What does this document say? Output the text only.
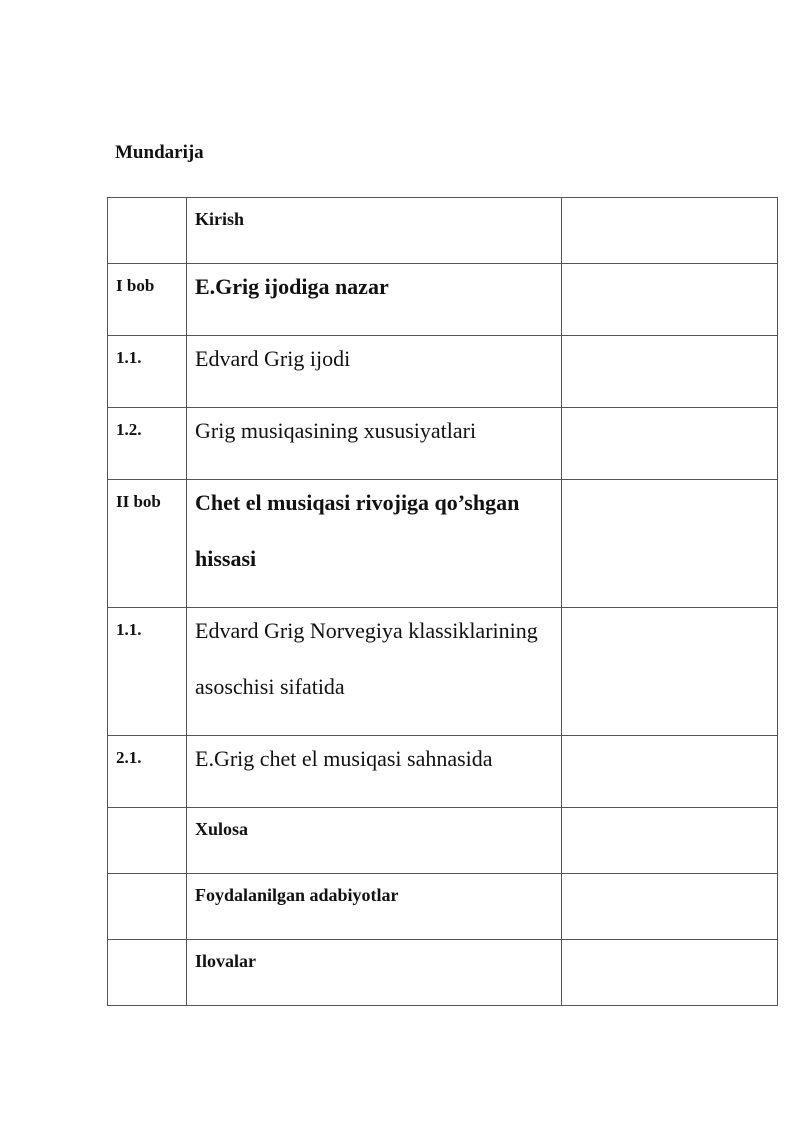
Mundarija

	Kirish	

I bob	E.Grig ijodiga nazar	

1.1.	Edvard Grig ijodi	

1.2.	Grig musiqasining xususiyatlari	

II bob	Chet el musiqasi rivojiga qo’shgan hissasi	

1.1.	Edvard Grig Norvegiya klassiklarining asoschisi sifatida	

2.1.	E.Grig chet el musiqasi sahnasida	

	Xulosa	

	Foydalanilgan adabiyotlar	

	Ilovalar	
